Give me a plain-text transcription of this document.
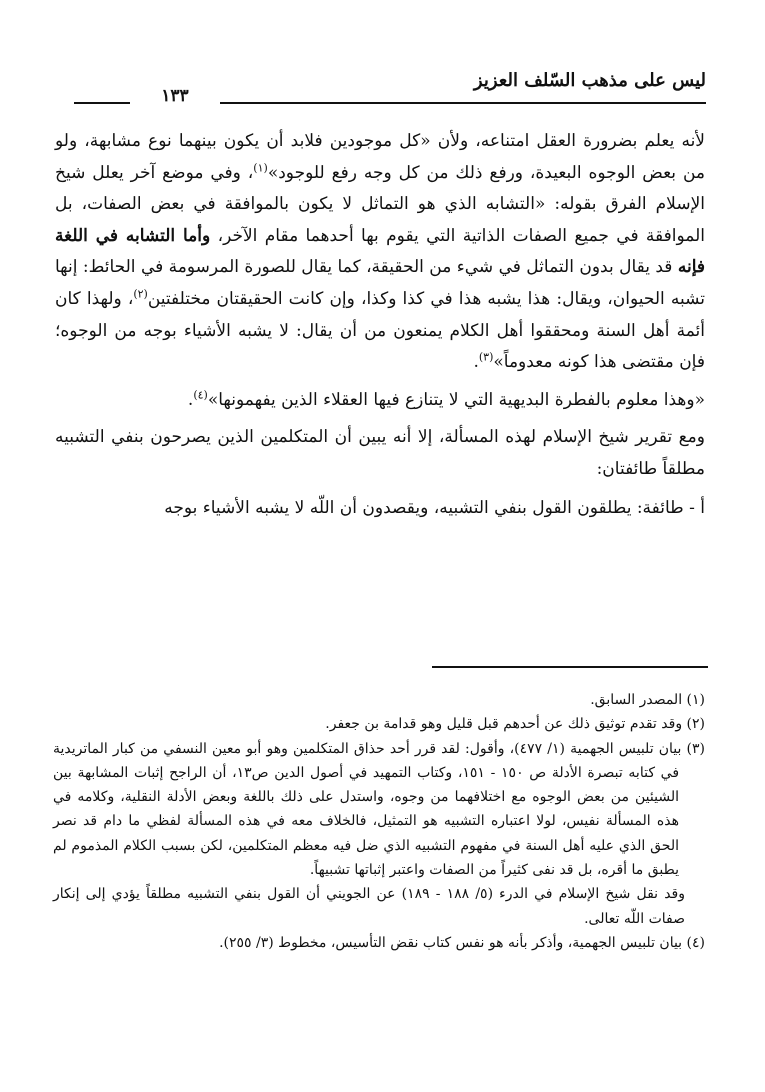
ليس على مذهب السّلف العزيز
١٣٣

لأنه يعلم بضرورة العقل امتناعه، ولأن «كل موجودين فلابد أن يكون بينهما نوع مشابهة، ولو من بعض الوجوه البعيدة، ورفع ذلك من كل وجه رفع للوجود»$^{(١)}$، وفي موضع آخر يعلل شيخ الإسلام الفرق بقوله: «التشابه الذي هو التماثل لا يكون بالموافقة في بعض الصفات، بل الموافقة في جميع الصفات الذاتية التي يقوم بها أحدهما مقام الآخر، وأما التشابه في اللغة فإنه قد يقال بدون التماثل في شيء من الحقيقة، كما يقال للصورة المرسومة في الحائط: إنها تشبه الحيوان، ويقال: هذا يشبه هذا في كذا وكذا، وإن كانت الحقيقتان مختلفتين$^{(٢)}$، ولهذا كان أئمة أهل السنة ومحققوا أهل الكلام يمنعون من أن يقال: لا يشبه الأشياء بوجه من الوجوه؛ فإن مقتضى هذا كونه معدوماً»$^{(٣)}$.

«وهذا معلوم بالفطرة البديهية التي لا يتنازع فيها العقلاء الذين يفهمونها»$^{(٤)}$.

ومع تقرير شيخ الإسلام لهذه المسألة، إلا أنه يبين أن المتكلمين الذين يصرحون بنفي التشبيه مطلقاً طائفتان:

أ - طائفة: يطلقون القول بنفي التشبيه، ويقصدون أن اللّه لا يشبه الأشياء بوجه

(١) المصدر السابق.

(٢) وقد تقدم توثيق ذلك عن أحدهم قبل قليل وهو قدامة بن جعفر.

(٣) بيان تلبيس الجهمية (١/ ٤٧٧)، وأقول: لقد قرر أحد حذاق المتكلمين وهو أبو معين النسفي من كبار الماتريدية في كتابه تبصرة الأدلة ص ١٥٠ - ١٥١، وكتاب التمهيد في أصول الدين ص١٣، أن الراجح إثبات المشابهة بين الشيئين من بعض الوجوه مع اختلافهما من وجوه، واستدل على ذلك باللغة وبعض الأدلة النقلية، وكلامه في هذه المسألة نفيس، لولا اعتباره التشبيه هو التمثيل، فالخلاف معه في هذه المسألة لفظي ما دام قد نصر الحق الذي عليه أهل السنة في مفهوم التشبيه الذي ضل فيه معظم المتكلمين، لكن بسبب الكلام المذموم لم يطبق ما أقره، بل قد نفى كثيراً من الصفات واعتبر إثباتها تشبيهاً.

وقد نقل شيخ الإسلام في الدرء (٥/ ١٨٨ - ١٨٩) عن الجويني أن القول بنفي التشبيه مطلقاً يؤدي إلى إنكار صفات اللّه تعالى.

(٤) بيان تلبيس الجهمية، وأذكر بأنه هو نفس كتاب نقض التأسيس، مخطوط (٣/ ٢٥٥).
